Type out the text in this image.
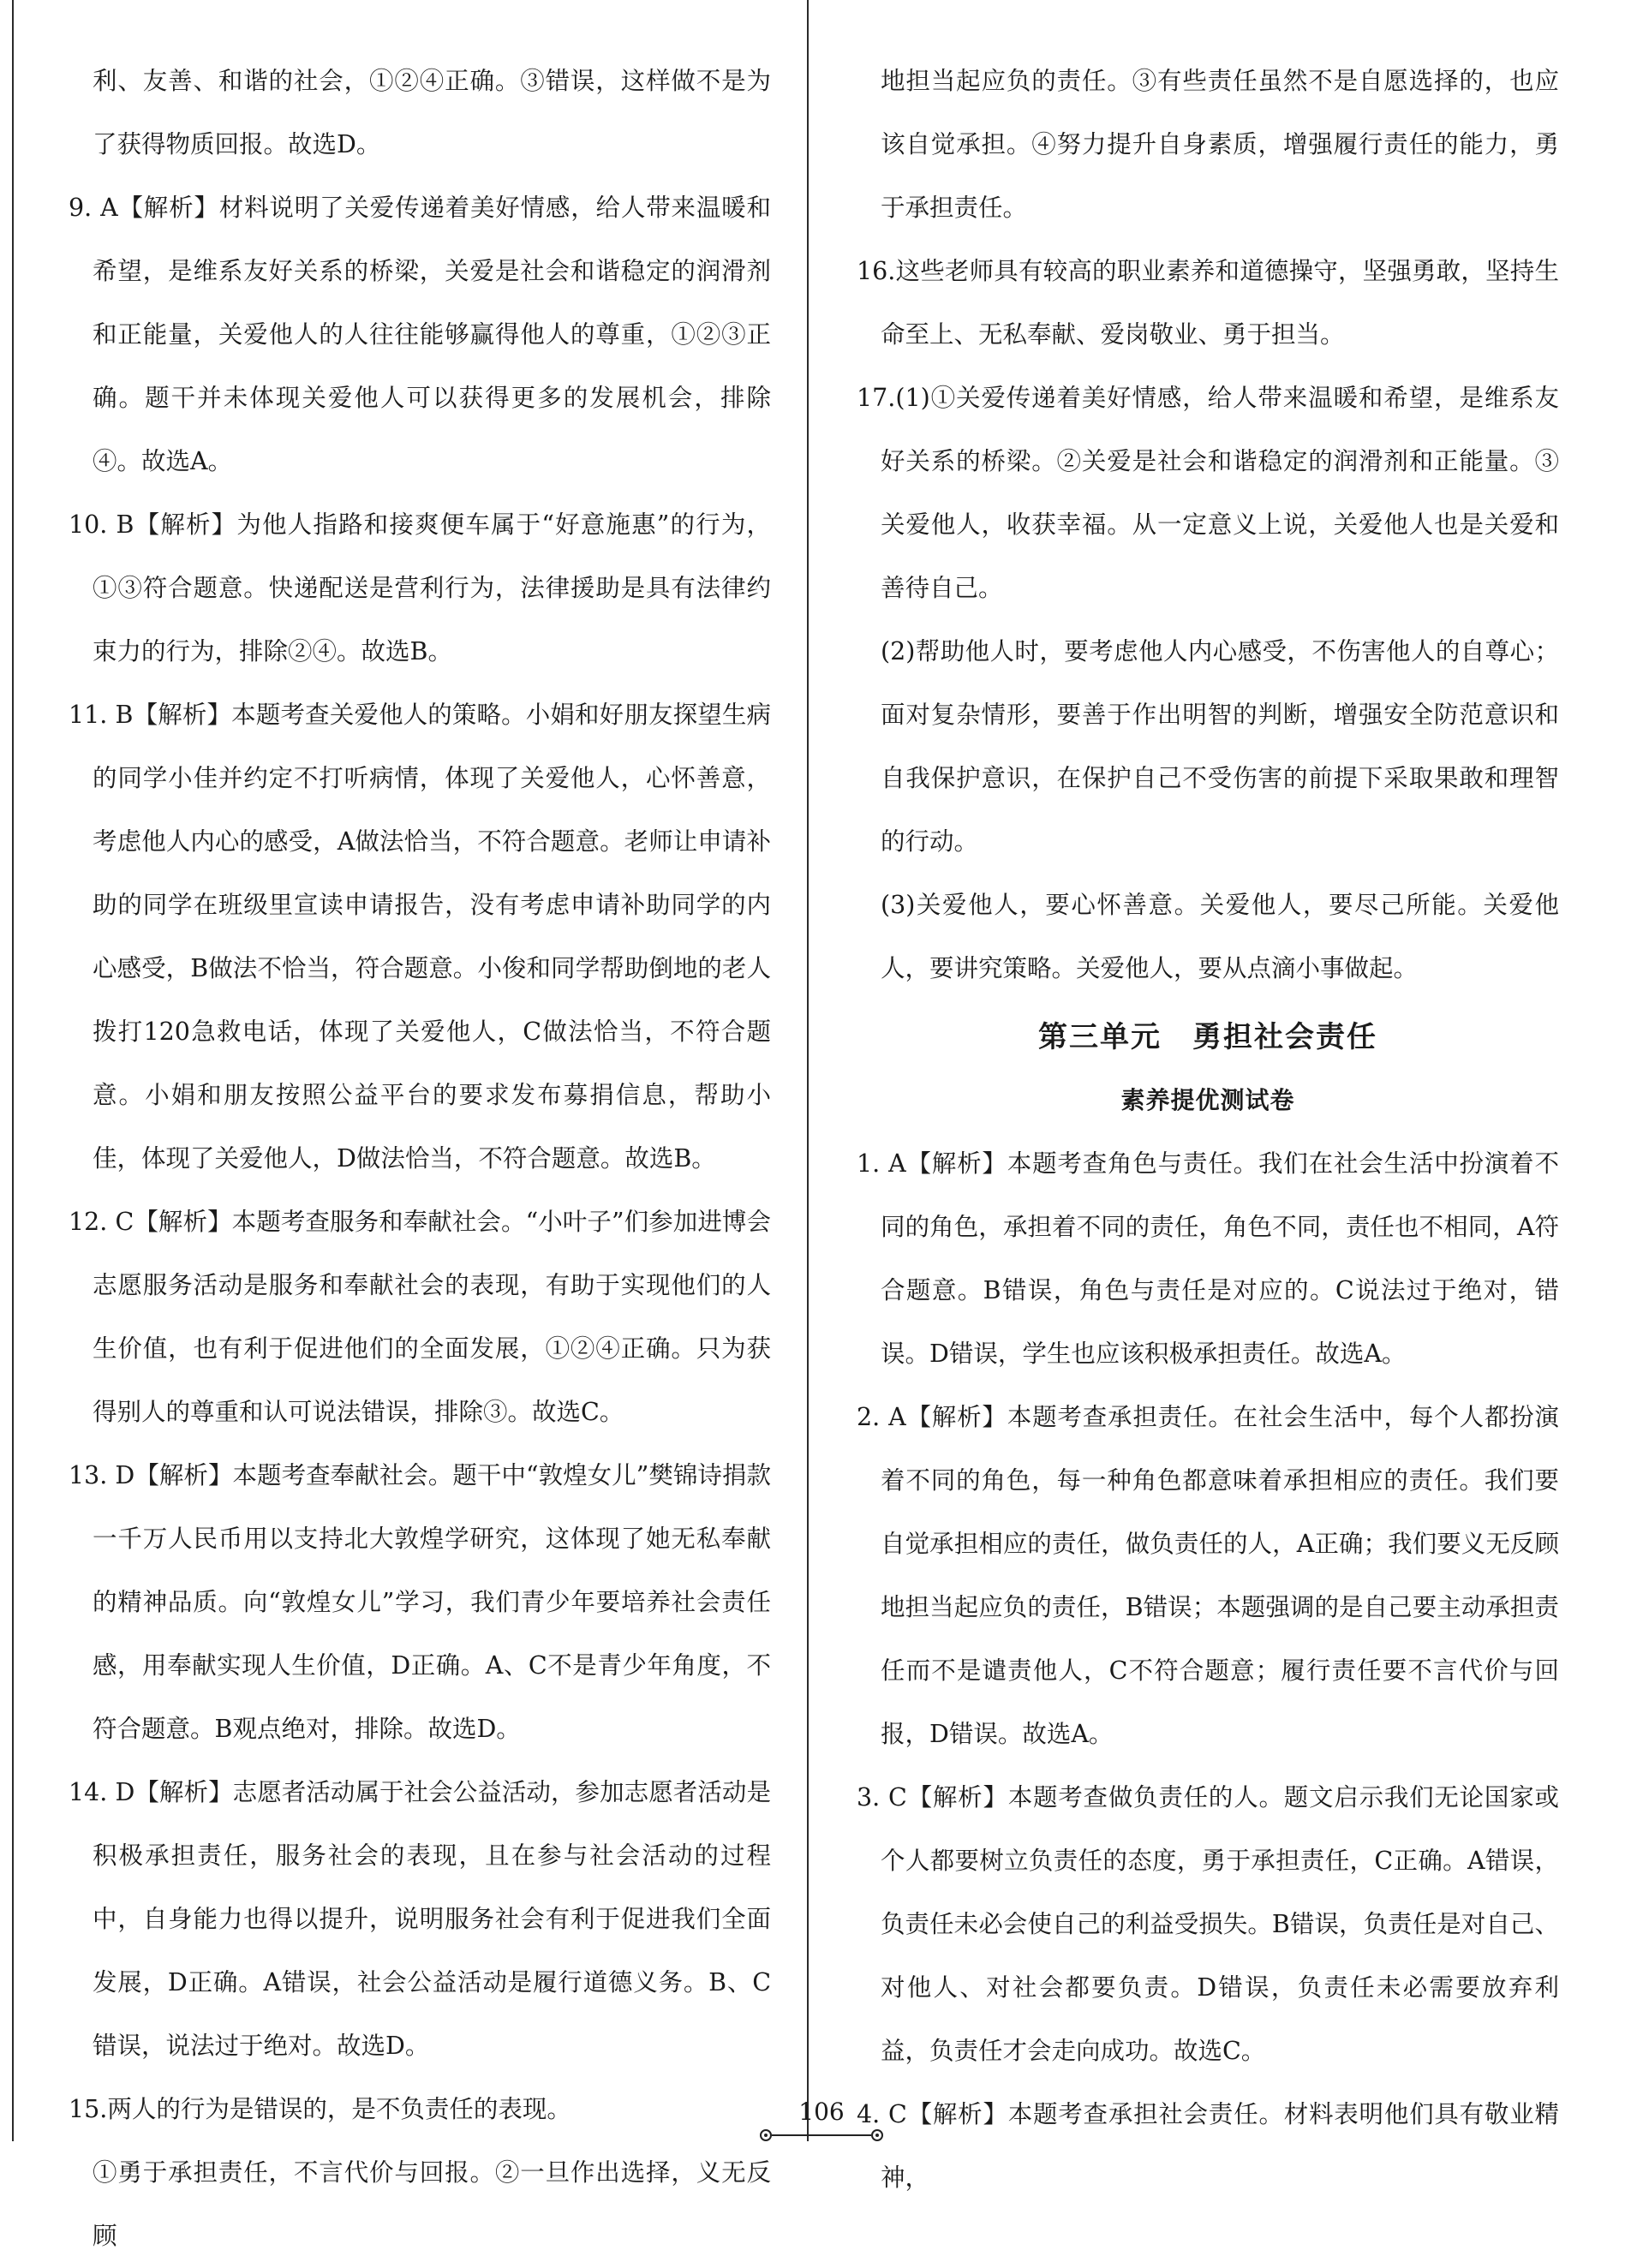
利、友善、和谐的社会，①②④正确。③错误，这样做不是为了获得物质回报。故选D。

9. A【解析】材料说明了关爱传递着美好情感，给人带来温暖和希望，是维系友好关系的桥梁，关爱是社会和谐稳定的润滑剂和正能量，关爱他人的人往往能够赢得他人的尊重，①②③正确。题干并未体现关爱他人可以获得更多的发展机会，排除④。故选A。

10. B【解析】为他人指路和接爽便车属于“好意施惠”的行为，①③符合题意。快递配送是营利行为，法律援助是具有法律约束力的行为，排除②④。故选B。

11. B【解析】本题考查关爱他人的策略。小娟和好朋友探望生病的同学小佳并约定不打听病情，体现了关爱他人，心怀善意，考虑他人内心的感受，A做法恰当，不符合题意。老师让申请补助的同学在班级里宣读申请报告，没有考虑申请补助同学的内心感受，B做法不恰当，符合题意。小俊和同学帮助倒地的老人拨打120急救电话，体现了关爱他人，C做法恰当，不符合题意。小娟和朋友按照公益平台的要求发布募捐信息，帮助小佳，体现了关爱他人，D做法恰当，不符合题意。故选B。

12. C【解析】本题考查服务和奉献社会。“小叶子”们参加进博会志愿服务活动是服务和奉献社会的表现，有助于实现他们的人生价值，也有利于促进他们的全面发展，①②④正确。只为获得别人的尊重和认可说法错误，排除③。故选C。

13. D【解析】本题考查奉献社会。题干中“敦煌女儿”樊锦诗捐款一千万人民币用以支持北大敦煌学研究，这体现了她无私奉献的精神品质。向“敦煌女儿”学习，我们青少年要培养社会责任感，用奉献实现人生价值，D正确。A、C不是青少年角度，不符合题意。B观点绝对，排除。故选D。

14. D【解析】志愿者活动属于社会公益活动，参加志愿者活动是积极承担责任，服务社会的表现，且在参与社会活动的过程中，自身能力也得以提升，说明服务社会有利于促进我们全面发展，D正确。A错误，社会公益活动是履行道德义务。B、C错误，说法过于绝对。故选D。

15.两人的行为是错误的，是不负责任的表现。

①勇于承担责任，不言代价与回报。②一旦作出选择，义无反顾

地担当起应负的责任。③有些责任虽然不是自愿选择的，也应该自觉承担。④努力提升自身素质，增强履行责任的能力，勇于承担责任。

16.这些老师具有较高的职业素养和道德操守，坚强勇敢，坚持生命至上、无私奉献、爱岗敬业、勇于担当。

17.(1)①关爱传递着美好情感，给人带来温暖和希望，是维系友好关系的桥梁。②关爱是社会和谐稳定的润滑剂和正能量。③关爱他人，收获幸福。从一定意义上说，关爱他人也是关爱和善待自己。

(2)帮助他人时，要考虑他人内心感受，不伤害他人的自尊心；面对复杂情形，要善于作出明智的判断，增强安全防范意识和自我保护意识，在保护自己不受伤害的前提下采取果敢和理智的行动。

(3)关爱他人，要心怀善意。关爱他人，要尽己所能。关爱他人，要讲究策略。关爱他人，要从点滴小事做起。

第三单元　勇担社会责任
素养提优测试卷

1. A【解析】本题考查角色与责任。我们在社会生活中扮演着不同的角色，承担着不同的责任，角色不同，责任也不相同，A符合题意。B错误，角色与责任是对应的。C说法过于绝对，错误。D错误，学生也应该积极承担责任。故选A。

2. A【解析】本题考查承担责任。在社会生活中，每个人都扮演着不同的角色，每一种角色都意味着承担相应的责任。我们要自觉承担相应的责任，做负责任的人，A正确；我们要义无反顾地担当起应负的责任，B错误；本题强调的是自己要主动承担责任而不是谴责他人，C不符合题意；履行责任要不言代价与回报，D错误。故选A。

3. C【解析】本题考查做负责任的人。题文启示我们无论国家或个人都要树立负责任的态度，勇于承担责任，C正确。A错误，负责任未必会使自己的利益受损失。B错误，负责任是对自己、对他人、对社会都要负责。D错误，负责任未必需要放弃利益，负责任才会走向成功。故选C。

4. C【解析】本题考查承担社会责任。材料表明他们具有敬业精神，

106
